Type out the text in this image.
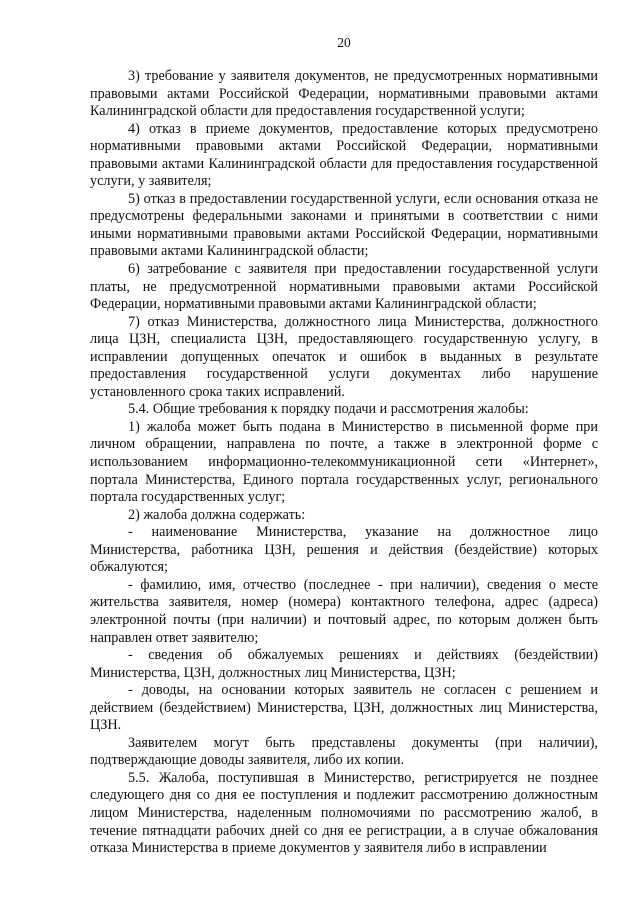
20

3) требование у заявителя документов, не предусмотренных нормативными правовыми актами Российской Федерации, нормативными правовыми актами Калининградской области для предоставления государственной услуги;

4) отказ в приеме документов, предоставление которых предусмотрено нормативными правовыми актами Российской Федерации, нормативными правовыми актами Калининградской области для предоставления государственной услуги, у заявителя;

5) отказ в предоставлении государственной услуги, если основания отказа не предусмотрены федеральными законами и принятыми в соответствии с ними иными нормативными правовыми актами Российской Федерации, нормативными правовыми актами Калининградской области;

6) затребование с заявителя при предоставлении государственной услуги платы, не предусмотренной нормативными правовыми актами Российской Федерации, нормативными правовыми актами Калининградской области;

7) отказ Министерства, должностного лица Министерства, должностного лица ЦЗН, специалиста ЦЗН, предоставляющего государственную услугу, в исправлении допущенных опечаток и ошибок в выданных в результате предоставления государственной услуги документах либо нарушение установленного срока таких исправлений.

5.4. Общие требования к порядку подачи и рассмотрения жалобы:

1) жалоба может быть подана в Министерство в письменной форме при личном обращении, направлена по почте, а также в электронной форме с использованием информационно-телекоммуникационной сети «Интернет», портала Министерства, Единого портала государственных услуг, регионального портала государственных услуг;

2) жалоба должна содержать:

- наименование Министерства, указание на должностное лицо Министерства, работника ЦЗН, решения и действия (бездействие) которых обжалуются;

- фамилию, имя, отчество (последнее - при наличии), сведения о месте жительства заявителя, номер (номера) контактного телефона, адрес (адреса) электронной почты (при наличии) и почтовый адрес, по которым должен быть направлен ответ заявителю;

- сведения об обжалуемых решениях и действиях (бездействии) Министерства, ЦЗН, должностных лиц Министерства, ЦЗН;

- доводы, на основании которых заявитель не согласен с решением и действием (бездействием) Министерства, ЦЗН, должностных лиц Министерства, ЦЗН.

Заявителем могут быть представлены документы (при наличии), подтверждающие доводы заявителя, либо их копии.

5.5. Жалоба, поступившая в Министерство, регистрируется не позднее следующего дня со дня ее поступления и подлежит рассмотрению должностным лицом Министерства, наделенным полномочиями по рассмотрению жалоб, в течение пятнадцати рабочих дней со дня ее регистрации, а в случае обжалования отказа Министерства в приеме документов у заявителя либо в исправлении
